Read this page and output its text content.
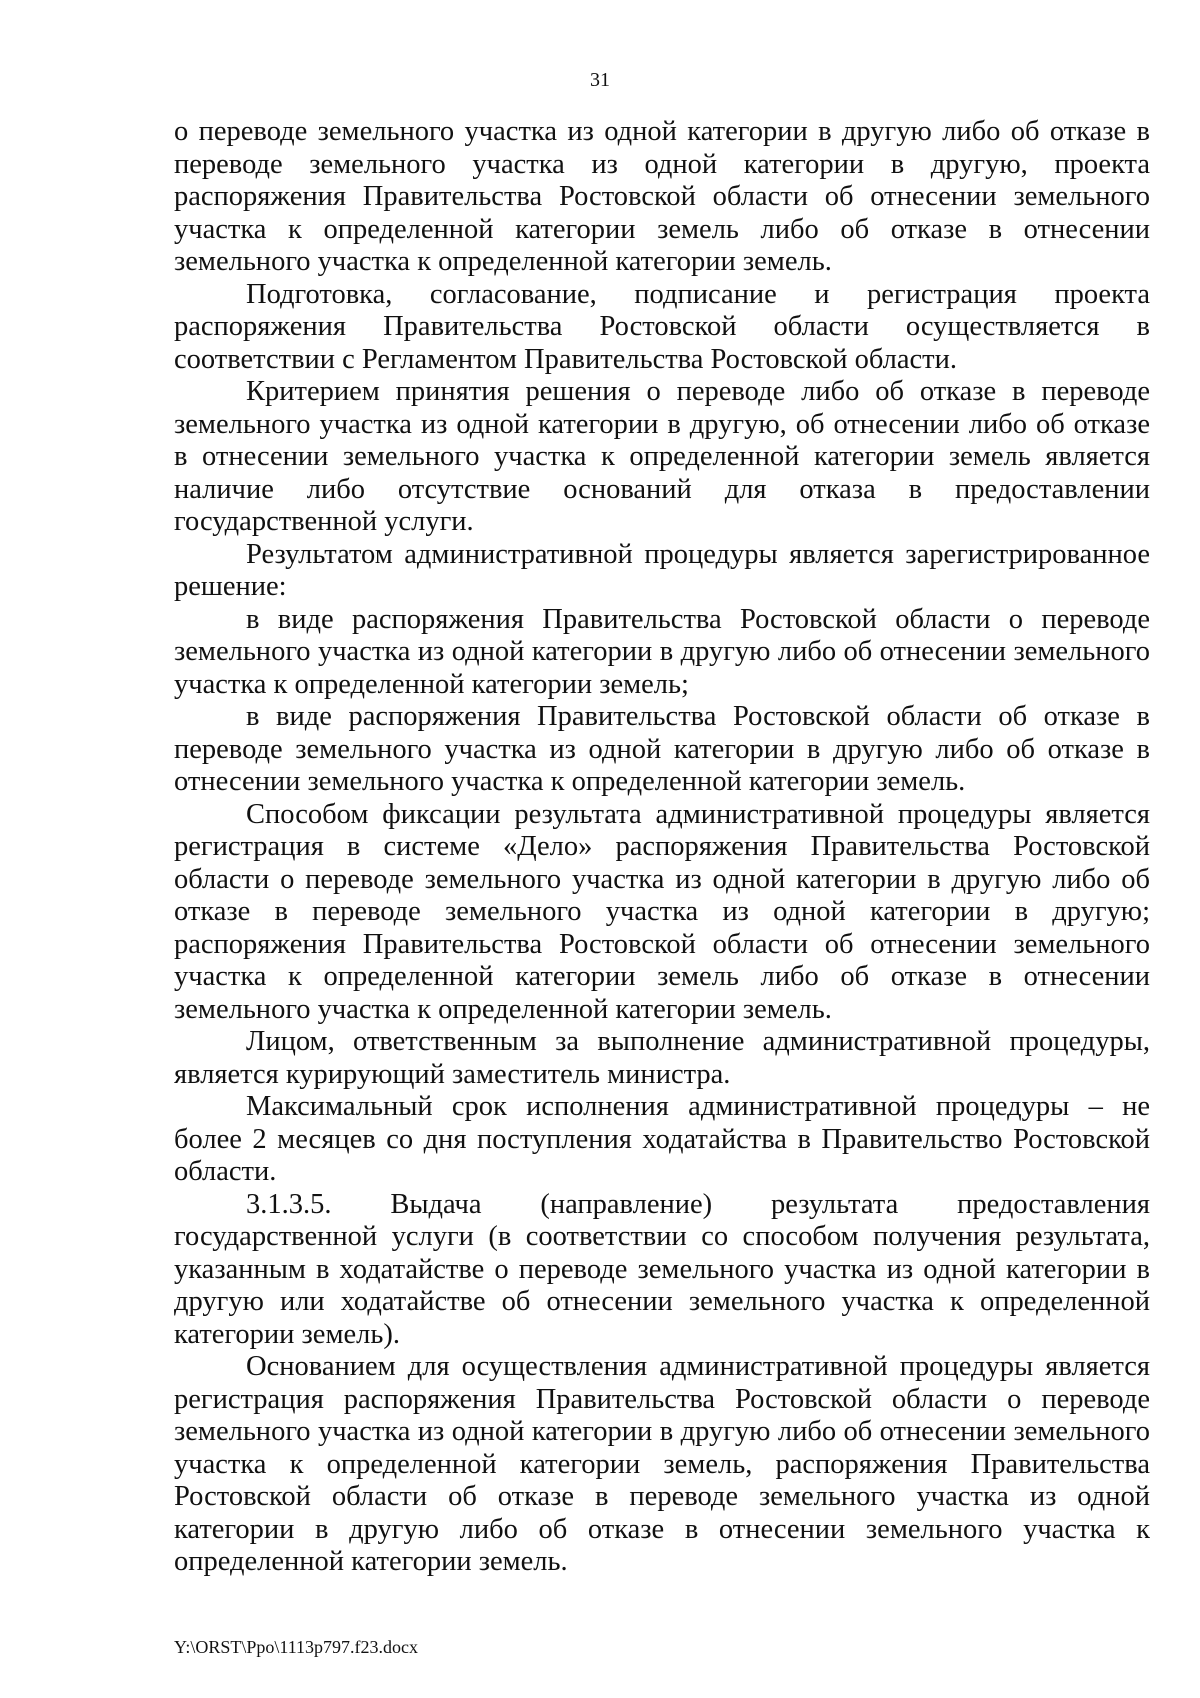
31

о переводе земельного участка из одной категории в другую либо об отказе в переводе земельного участка из одной категории в другую, проекта распоряжения Правительства Ростовской области об отнесении земельного участка к определенной категории земель либо об отказе в отнесении земельного участка к определенной категории земель.

Подготовка, согласование, подписание и регистрация проекта распоряжения Правительства Ростовской области осуществляется в соответствии с Регламентом Правительства Ростовской области.

Критерием принятия решения о переводе либо об отказе в переводе земельного участка из одной категории в другую, об отнесении либо об отказе в отнесении земельного участка к определенной категории земель является наличие либо отсутствие оснований для отказа в предоставлении государственной услуги.

Результатом административной процедуры является зарегистрированное решение:

в виде распоряжения Правительства Ростовской области о переводе земельного участка из одной категории в другую либо об отнесении земельного участка к определенной категории земель;

в виде распоряжения Правительства Ростовской области об отказе в переводе земельного участка из одной категории в другую либо об отказе в отнесении земельного участка к определенной категории земель.

Способом фиксации результата административной процедуры является регистрация в системе «Дело» распоряжения Правительства Ростовской области о переводе земельного участка из одной категории в другую либо об отказе в переводе земельного участка из одной категории в другую; распоряжения Правительства Ростовской области об отнесении земельного участка к определенной категории земель либо об отказе в отнесении земельного участка к определенной категории земель.

Лицом, ответственным за выполнение административной процедуры, является курирующий заместитель министра.

Максимальный срок исполнения административной процедуры – не более 2 месяцев со дня поступления ходатайства в Правительство Ростовской области.

3.1.3.5. Выдача (направление) результата предоставления государственной услуги (в соответствии со способом получения результата, указанным в ходатайстве о переводе земельного участка из одной категории в другую или ходатайстве об отнесении земельного участка к определенной категории земель).

Основанием для осуществления административной процедуры является регистрация распоряжения Правительства Ростовской области о переводе земельного участка из одной категории в другую либо об отнесении земельного участка к определенной категории земель, распоряжения Правительства Ростовской области об отказе в переводе земельного участка из одной категории в другую либо об отказе в отнесении земельного участка к определенной категории земель.

Y:\ORST\Ppo\1113p797.f23.docx
